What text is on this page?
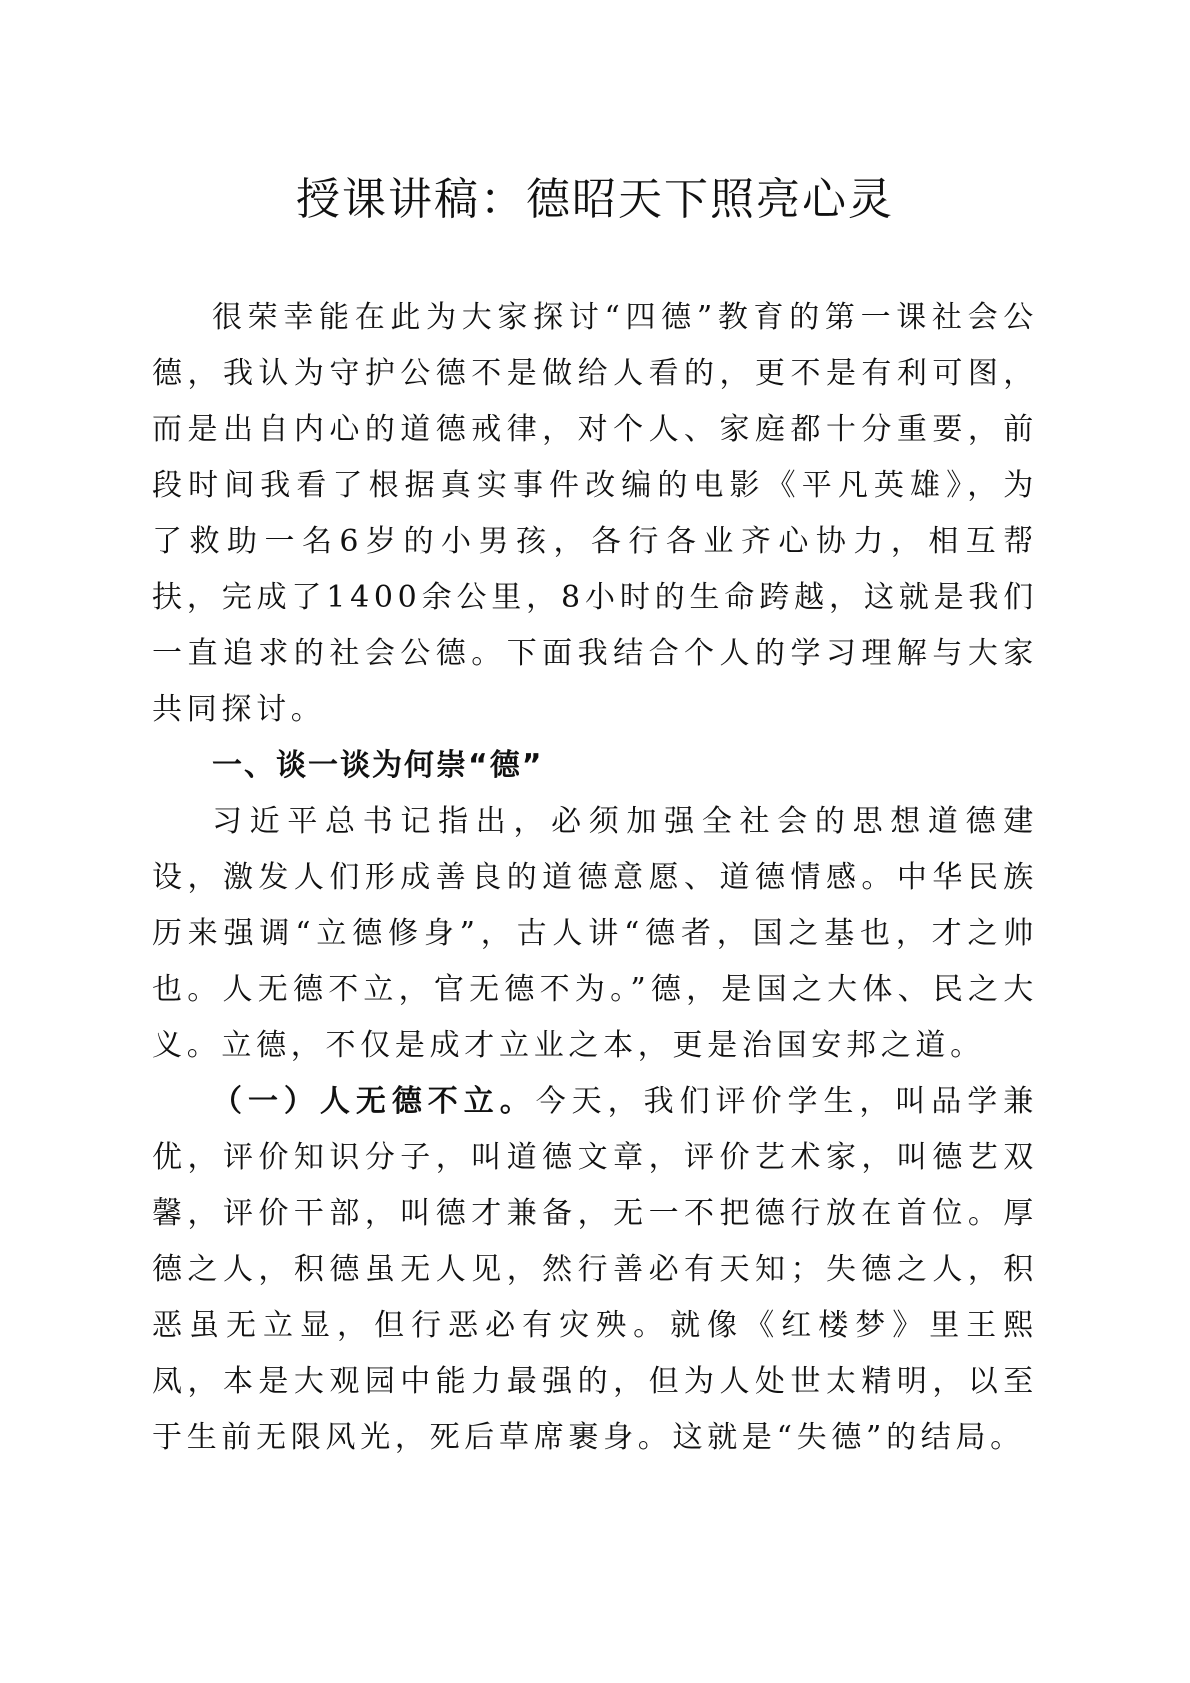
授课讲稿：德昭天下照亮心灵

很荣幸能在此为大家探讨“四德”教育的第一课社会公德，我认为守护公德不是做给人看的，更不是有利可图，而是出自内心的道德戒律，对个人、家庭都十分重要，前段时间我看了根据真实事件改编的电影《平凡英雄》，为了救助一名6岁的小男孩，各行各业齐心协力，相互帮扶，完成了1400余公里，8小时的生命跨越，这就是我们一直追求的社会公德。下面我结合个人的学习理解与大家共同探讨。

一、谈一谈为何崇“德”

习近平总书记指出，必须加强全社会的思想道德建设，激发人们形成善良的道德意愿、道德情感。中华民族历来强调“立德修身”，古人讲“德者，国之基也，才之帅也。人无德不立，官无德不为。”德，是国之大体、民之大义。立德，不仅是成才立业之本，更是治国安邦之道。

（一）人无德不立。今天，我们评价学生，叫品学兼优，评价知识分子，叫道德文章，评价艺术家，叫德艺双馨，评价干部，叫德才兼备，无一不把德行放在首位。厚德之人，积德虽无人见，然行善必有天知；失德之人，积恶虽无立显，但行恶必有灾殃。就像《红楼梦》里王熙凤，本是大观园中能力最强的，但为人处世太精明，以至于生前无限风光，死后草席裹身。这就是“失德”的结局。
